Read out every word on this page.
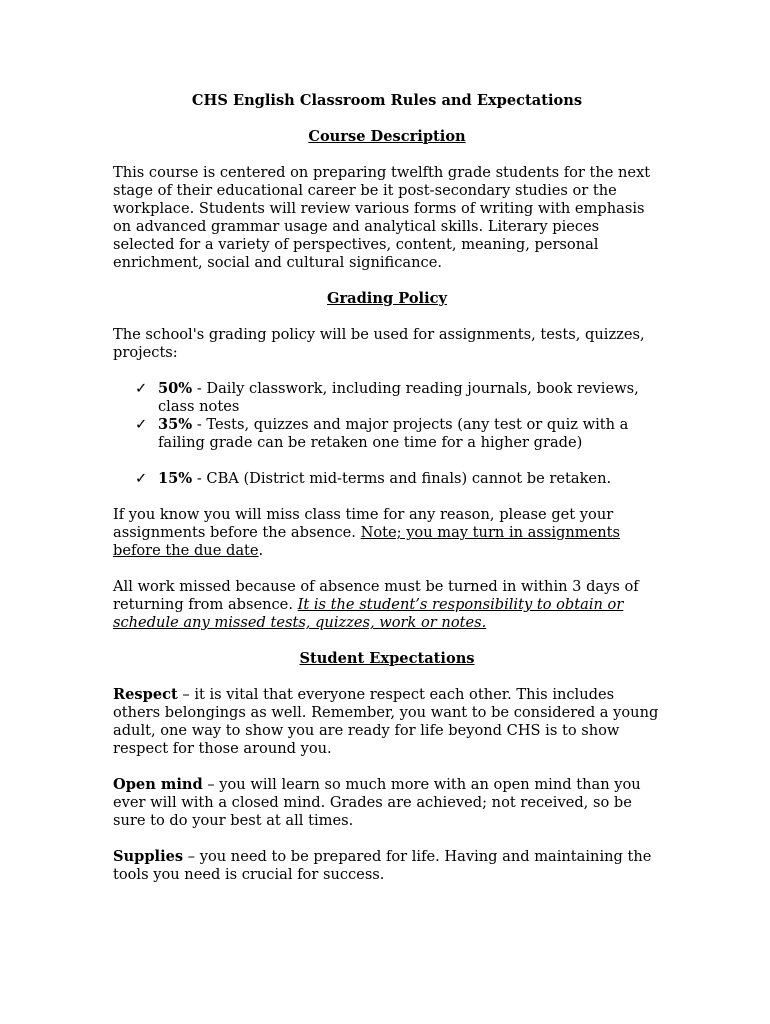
CHS English Classroom Rules and Expectations
Course Description

This course is centered on preparing twelfth grade students for the next stage of their educational career be it post-secondary studies or the workplace. Students will review various forms of writing with emphasis on advanced grammar usage and analytical skills. Literary pieces selected for a variety of perspectives, content, meaning, personal enrichment, social and cultural significance.

Grading Policy

The school's grading policy will be used for assignments, tests, quizzes, projects:

✓ 50% - Daily classwork, including reading journals, book reviews, class notes
✓ 35% - Tests, quizzes and major projects (any test or quiz with a failing grade can be retaken one time for a higher grade)
✓ 15% - CBA (District mid-terms and finals) cannot be retaken.

If you know you will miss class time for any reason, please get your assignments before the absence. Note; you may turn in assignments before the due date.

All work missed because of absence must be turned in within 3 days of returning from absence. It is the student’s responsibility to obtain or schedule any missed tests, quizzes, work or notes.

Student Expectations

Respect – it is vital that everyone respect each other. This includes others belongings as well. Remember, you want to be considered a young adult, one way to show you are ready for life beyond CHS is to show respect for those around you.

Open mind – you will learn so much more with an open mind than you ever will with a closed mind. Grades are achieved; not received, so be sure to do your best at all times.

Supplies – you need to be prepared for life. Having and maintaining the tools you need is crucial for success.
